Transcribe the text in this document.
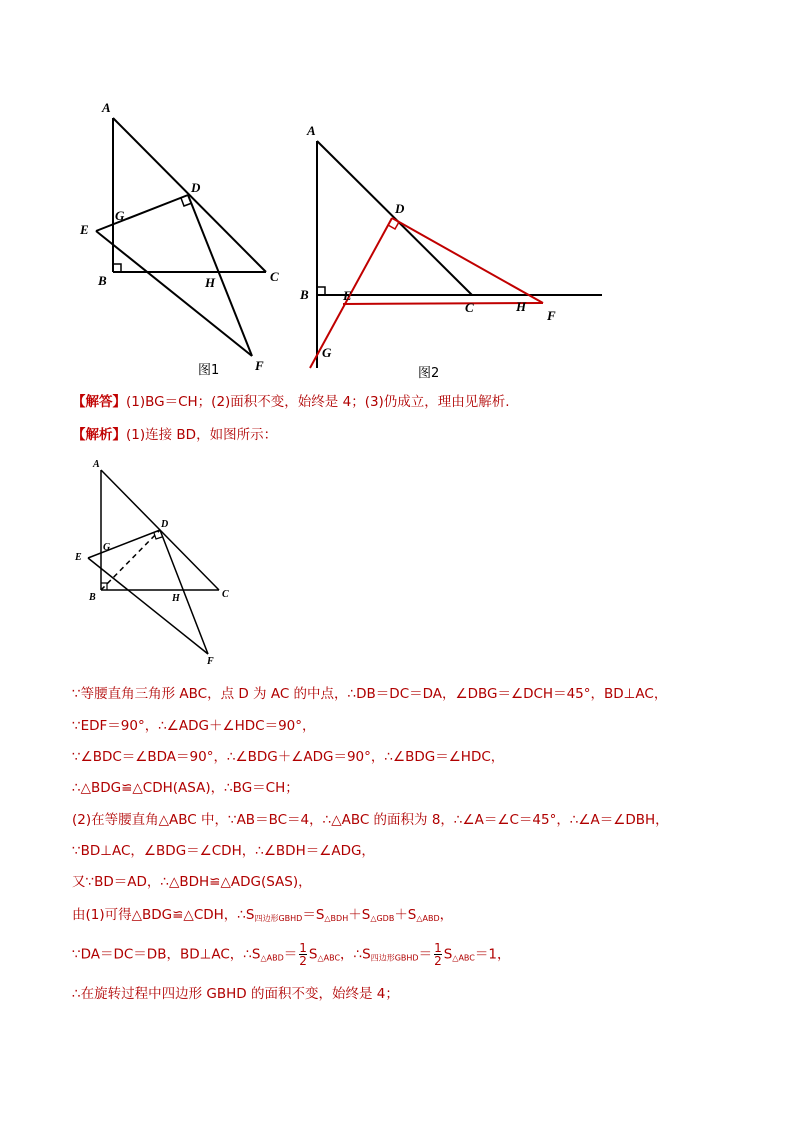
A
D
G
E
B	H	C
F
图1
A
D
B	E
C	H
F
G
图2
【解答】(1)BG＝CH；(2)面积不变，始终是 4；(3)仍成立，理由见解析.
【解析】(1)连接 BD，如图所示：
A
D
G
E
B	H	C
F
∵等腰直角三角形 ABC，点 D 为 AC 的中点，∴DB＝DC＝DA，∠DBG＝∠DCH＝45°，BD⊥AC，
∵EDF＝90°，∴∠ADG＋∠HDC＝90°，
∵∠BDC＝∠BDA＝90°，∴∠BDG＋∠ADG＝90°，∴∠BDG＝∠HDC，
∴△BDG≌△CDH(ASA)，∴BG＝CH；
(2)在等腰直角△ABC 中，∵AB＝BC＝4，∴△ABC 的面积为 8，∴∠A＝∠C＝45°，∴∠A＝∠DBH，
∵BD⊥AC，∠BDG＝∠CDH，∴∠BDH＝∠ADG，
又∵BD＝AD，∴△BDH≌△ADG(SAS)，
由(1)可得△BDG≌△CDH，$\therefore S_{四边形GBHD}=S_{\triangle BDH}+S_{\triangle GDB}+S_{\triangle ABD}$，
∵DA＝DC＝DB，BD⊥AC，$\therefore S_{\triangle ABD}= \frac{1}{2} S_{\triangle ABC}$，$\therefore S_{四边形GBHD}= \frac{1}{2} S_{\triangle ABC}=1$，
∴在旋转过程中四边形 GBHD 的面积不变，始终是 4；
